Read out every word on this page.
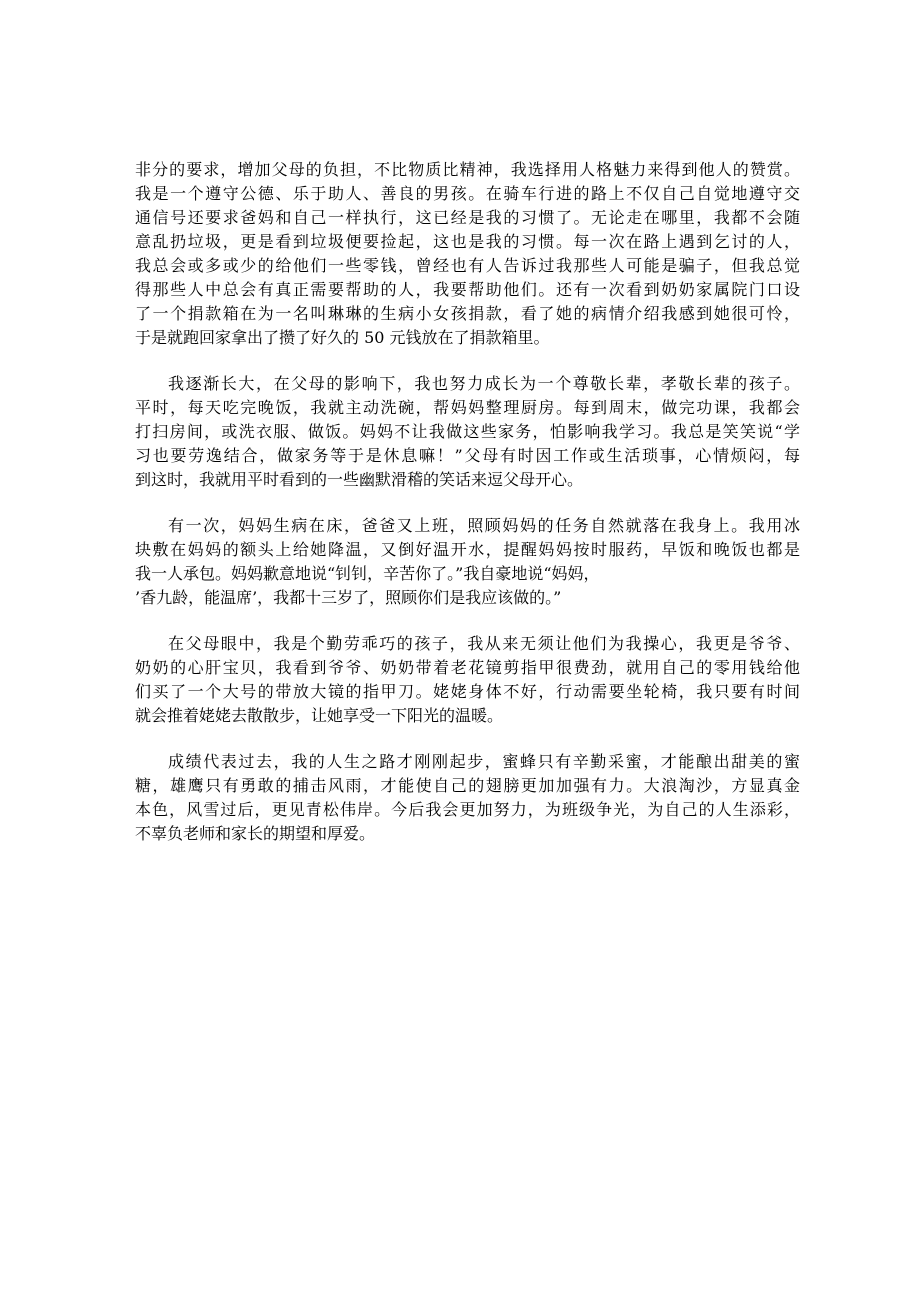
非分的要求，增加父母的负担，不比物质比精神，我选择用人格魅力来得到他人的赞赏。
我是一个遵守公德、乐于助人、善良的男孩。在骑车行进的路上不仅自己自觉地遵守交
通信号还要求爸妈和自己一样执行，这已经是我的习惯了。无论走在哪里，我都不会随
意乱扔垃圾，更是看到垃圾便要捡起，这也是我的习惯。每一次在路上遇到乞讨的人，
我总会或多或少的给他们一些零钱，曾经也有人告诉过我那些人可能是骗子，但我总觉
得那些人中总会有真正需要帮助的人，我要帮助他们。还有一次看到奶奶家属院门口设
了一个捐款箱在为一名叫琳琳的生病小女孩捐款，看了她的病情介绍我感到她很可怜，
于是就跑回家拿出了攒了好久的 50 元钱放在了捐款箱里。
我逐渐长大，在父母的影响下，我也努力成长为一个尊敬长辈，孝敬长辈的孩子。
平时，每天吃完晚饭，我就主动洗碗，帮妈妈整理厨房。每到周末，做完功课，我都会
打扫房间，或洗衣服、做饭。妈妈不让我做这些家务，怕影响我学习。我总是笑笑说“学
习也要劳逸结合，做家务等于是休息嘛！”父母有时因工作或生活琐事，心情烦闷，每
到这时，我就用平时看到的一些幽默滑稽的笑话来逗父母开心。
有一次，妈妈生病在床，爸爸又上班，照顾妈妈的任务自然就落在我身上。我用冰
块敷在妈妈的额头上给她降温，又倒好温开水，提醒妈妈按时服药，早饭和晚饭也都是
我一人承包。妈妈歉意地说“钊钊，辛苦你了。”我自豪地说“妈妈，
’香九龄，能温席’，我都十三岁了，照顾你们是我应该做的。”
在父母眼中，我是个勤劳乖巧的孩子，我从来无须让他们为我操心，我更是爷爷、
奶奶的心肝宝贝，我看到爷爷、奶奶带着老花镜剪指甲很费劲，就用自己的零用钱给他
们买了一个大号的带放大镜的指甲刀。姥姥身体不好，行动需要坐轮椅，我只要有时间
就会推着姥姥去散散步，让她享受一下阳光的温暖。
成绩代表过去，我的人生之路才刚刚起步，蜜蜂只有辛勤采蜜，才能酿出甜美的蜜
糖，雄鹰只有勇敢的捕击风雨，才能使自己的翅膀更加加强有力。大浪淘沙，方显真金
本色，风雪过后，更见青松伟岸。今后我会更加努力，为班级争光，为自己的人生添彩，
不辜负老师和家长的期望和厚爱。
